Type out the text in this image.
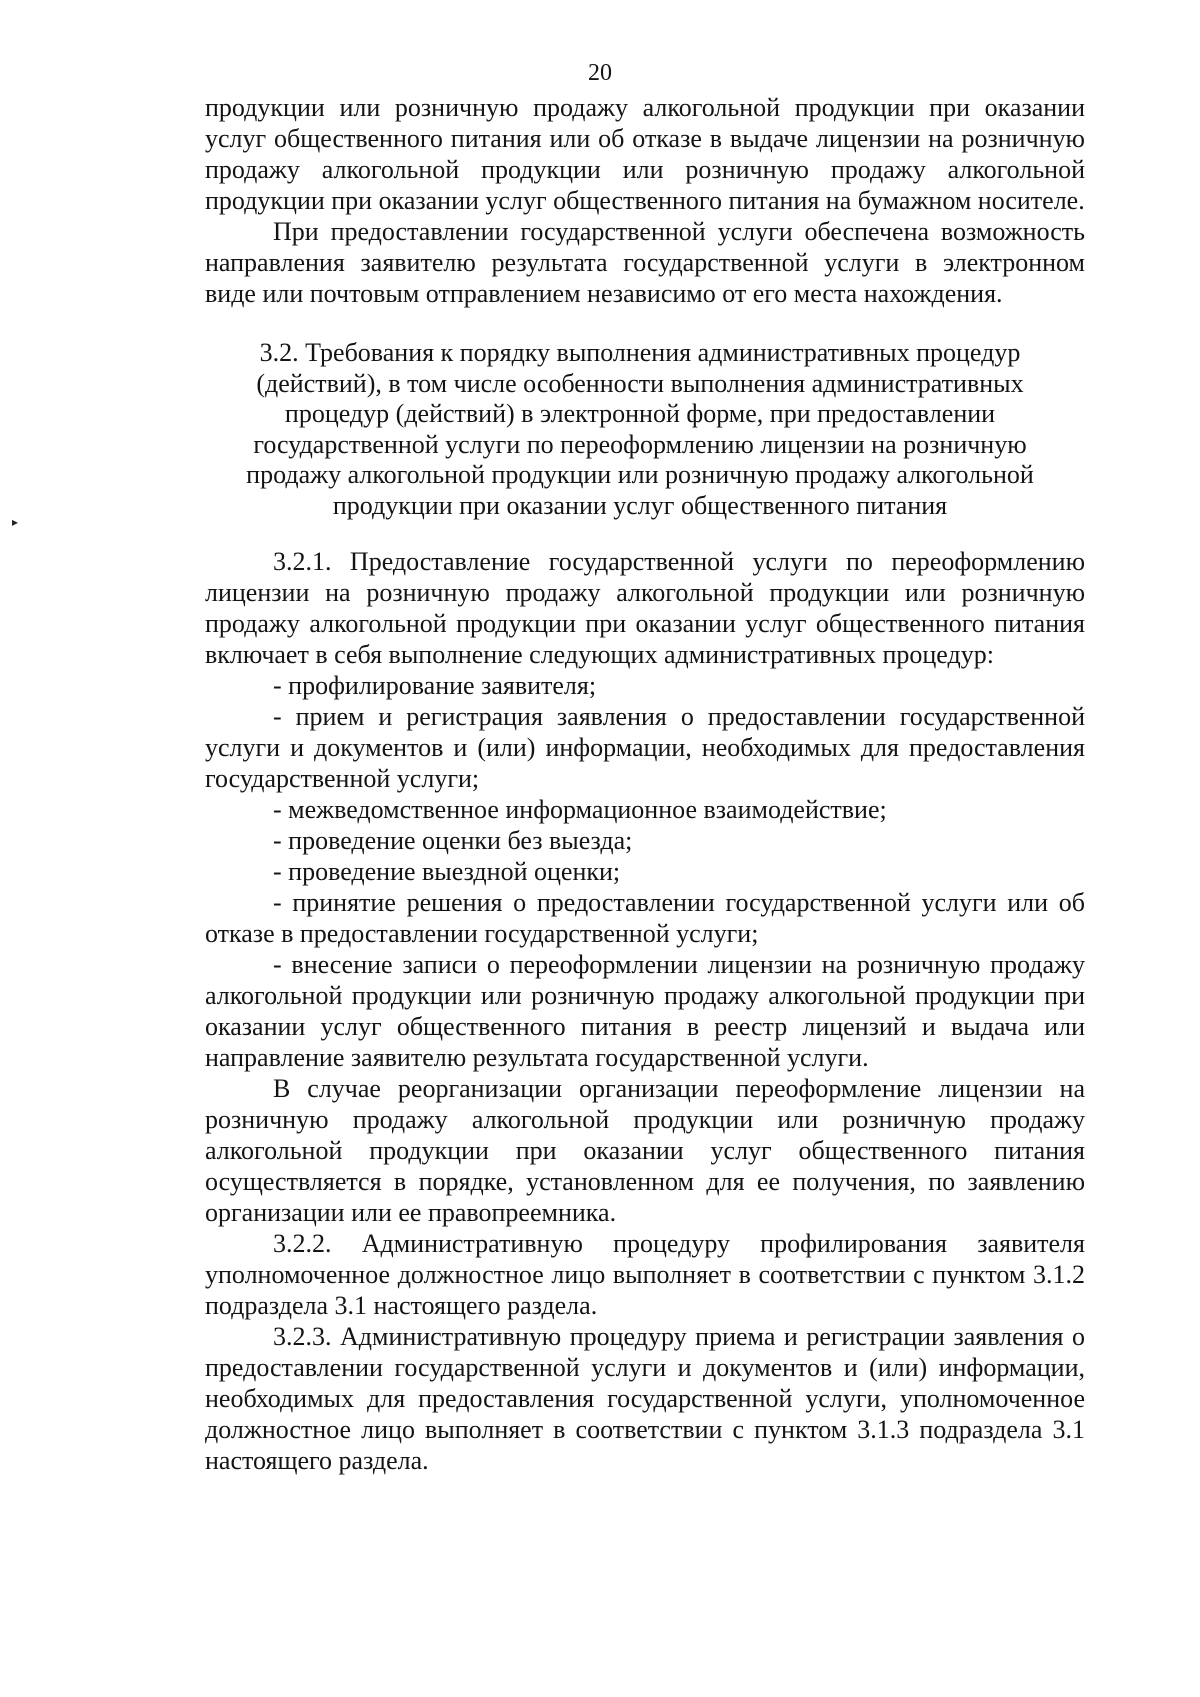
20

продукции или розничную продажу алкогольной продукции при оказании услуг общественного питания или об отказе в выдаче лицензии на розничную продажу алкогольной продукции или розничную продажу алкогольной продукции при оказании услуг общественного питания на бумажном носителе.

При предоставлении государственной услуги обеспечена возможность направления заявителю результата государственной услуги в электронном виде или почтовым отправлением независимо от его места нахождения.

3.2. Требования к порядку выполнения административных процедур

(действий), в том числе особенности выполнения административных

процедур (действий) в электронной форме, при предоставлении

государственной услуги по переоформлению лицензии на розничную

продажу алкогольной продукции или розничную продажу алкогольной

продукции при оказании услуг общественного питания

▸

3.2.1. Предоставление государственной услуги по переоформлению лицензии на розничную продажу алкогольной продукции или розничную продажу алкогольной продукции при оказании услуг общественного питания включает в себя выполнение следующих административных процедур:

- профилирование заявителя;

- прием и регистрация заявления о предоставлении государственной услуги и документов и (или) информации, необходимых для предоставления государственной услуги;

- межведомственное информационное взаимодействие;

- проведение оценки без выезда;

- проведение выездной оценки;

- принятие решения о предоставлении государственной услуги или об отказе в предоставлении государственной услуги;

- внесение записи о переоформлении лицензии на розничную продажу алкогольной продукции или розничную продажу алкогольной продукции при оказании услуг общественного питания в реестр лицензий и выдача или направление заявителю результата государственной услуги.

В случае реорганизации организации переоформление лицензии на розничную продажу алкогольной продукции или розничную продажу алкогольной продукции при оказании услуг общественного питания осуществляется в порядке, установленном для ее получения, по заявлению организации или ее правопреемника.

3.2.2. Административную процедуру профилирования заявителя уполномоченное должностное лицо выполняет в соответствии с пунктом 3.1.2 подраздела 3.1 настоящего раздела.

3.2.3. Административную процедуру приема и регистрации заявления о предоставлении государственной услуги и документов и (или) информации, необходимых для предоставления государственной услуги, уполномоченное должностное лицо выполняет в соответствии с пунктом 3.1.3 подраздела 3.1 настоящего раздела.
